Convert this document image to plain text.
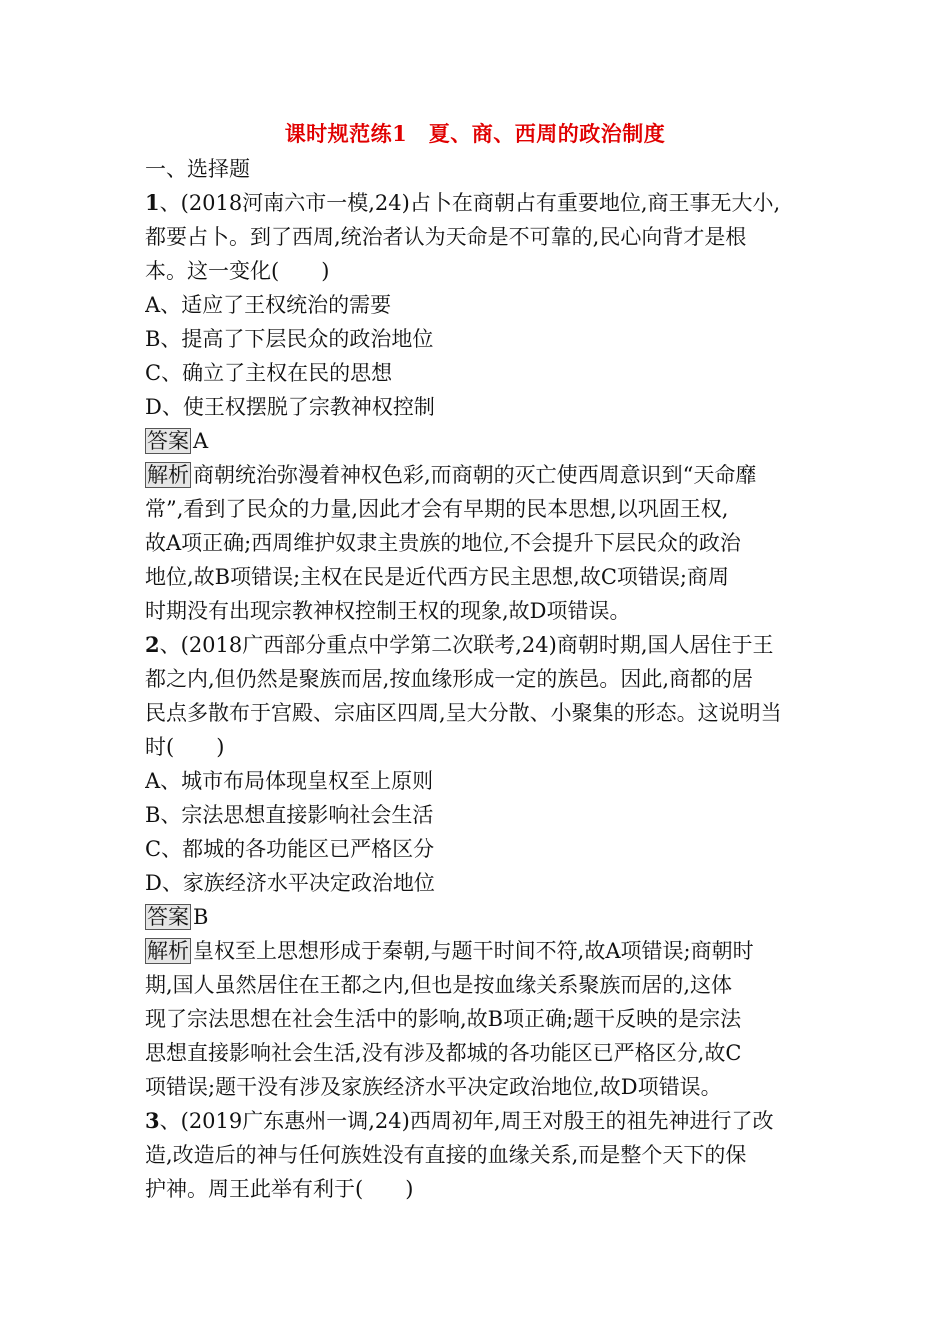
课时规范练1　夏、商、西周的政治制度
一、选择题
1、(2018河南六市一模,24)占卜在商朝占有重要地位,商王事无大小,
都要占卜。到了西周,统治者认为天命是不可靠的,民心向背才是根
本。这一变化(　　)
A、适应了王权统治的需要
B、提高了下层民众的政治地位
C、确立了主权在民的思想
D、使王权摆脱了宗教神权控制
答案 A
解析 商朝统治弥漫着神权色彩,而商朝的灭亡使西周意识到“天命靡
常”,看到了民众的力量,因此才会有早期的民本思想,以巩固王权,
故A项正确;西周维护奴隶主贵族的地位,不会提升下层民众的政治
地位,故B项错误;主权在民是近代西方民主思想,故C项错误;商周
时期没有出现宗教神权控制王权的现象,故D项错误。
2、(2018广西部分重点中学第二次联考,24)商朝时期,国人居住于王
都之内,但仍然是聚族而居,按血缘形成一定的族邑。因此,商都的居
民点多散布于宫殿、宗庙区四周,呈大分散、小聚集的形态。这说明当
时(　　)
A、城市布局体现皇权至上原则
B、宗法思想直接影响社会生活
C、都城的各功能区已严格区分
D、家族经济水平决定政治地位
答案 B
解析 皇权至上思想形成于秦朝,与题干时间不符,故A项错误;商朝时
期,国人虽然居住在王都之内,但也是按血缘关系聚族而居的,这体
现了宗法思想在社会生活中的影响,故B项正确;题干反映的是宗法
思想直接影响社会生活,没有涉及都城的各功能区已严格区分,故C
项错误;题干没有涉及家族经济水平决定政治地位,故D项错误。
3、(2019广东惠州一调,24)西周初年,周王对殷王的祖先神进行了改
造,改造后的神与任何族姓没有直接的血缘关系,而是整个天下的保
护神。周王此举有利于(　　)
